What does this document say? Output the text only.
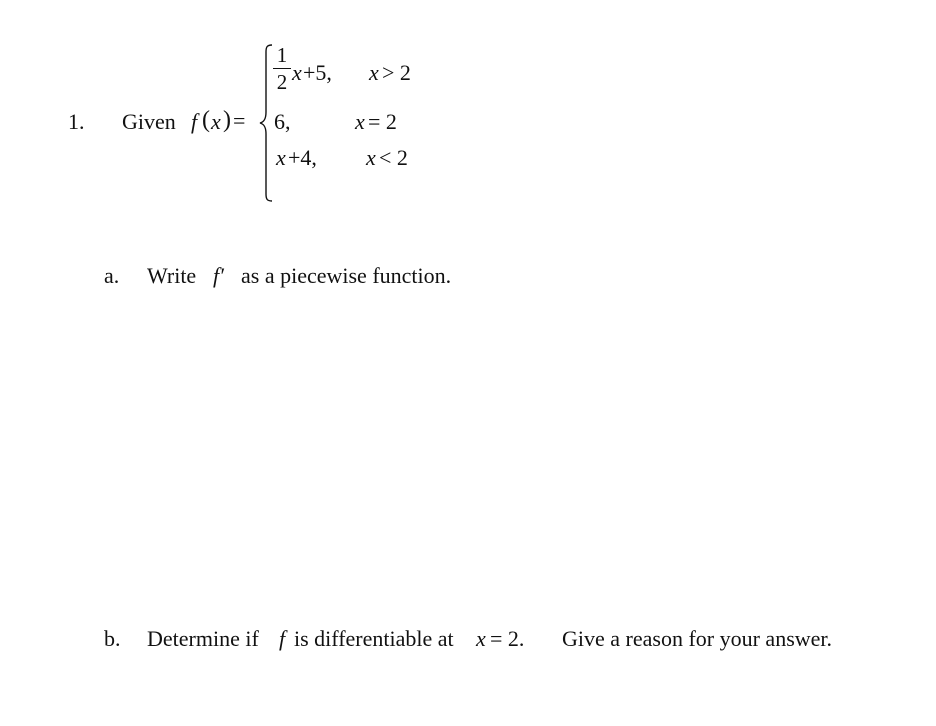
1. Given f ( x ) =
1
2 x +5, x > 2
6,	x = 2
x +4, x < 2
a. Write f′ as a piecewise function.
b. Determine if f is differentiable at x = 2. Give a reason for your answer.
